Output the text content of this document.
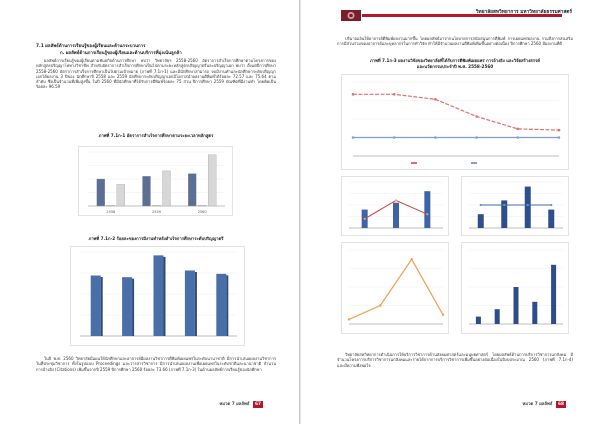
7.1 ผลลัพธ์ด้านการเรียนรู้ของผู้เรียนและด้านกระบวนการ
ก. ผลลัพธ์ด้านการเรียนรู้ของผู้เรียนและด้านบริการที่มุ่งเน้นลูกค้า
ผลลัพธ์การเรียนรู้ของผู้เรียนตามพันธกิจด้านการศึกษา พบว่า วิทยาลัยฯ 2558-2560 อัตราการสำเร็จการศึกษาตามโครงการของหลักสูตรปริญญาโททางวิชาชีพ สำหรับอัตราการสำเร็จการศึกษาเป็นไปตามระยะหลักสูตรปริญญาตรีและปริญญาเอก พบว่า ตั้งแต่ปีการศึกษา 2558-2560 อัตราการสำเร็จการศึกษาเป็นไปตามเป้าหมาย (ภาพที่ 7.1ก-1) และมีนักศึกษาสามารถ จบมีงานทำและนักศึกษาระดับปริญญาเอกได้ผลงาน 3 ปีของ นักศึกษาปี 2558 และ 2559 นักศึกษาระดับปริญญาเอกมีโอกาสนำผลงานตีพิมพ์ได้ร้อยละ 72.57 และ 75.64 ตามลำดับ ซึ่งเป็นจำนวนที่เพิ่มสูงขึ้น ในปี 2560 ที่มีนักศึกษาที่ได้รับการตีพิมพ์ร้อยละ 75 ส่วน ปีการศึกษา 2559 บัณฑิตที่มีงานทำ โดยคิดเป็นร้อยละ 96.59
ภาพที่ 7.1ก-1 อัตราการสำเร็จการศึกษาตามระยะเวลาหลักสูตร
2558	2559	2560
ภาพที่ 7.1ก-2 ร้อยละของการมีงานทำหลังสำเร็จการศึกษาระดับปริญญาตรี
ในปี พ.ศ. 2560 วิทยาลัยมีแผนให้นักศึกษาและอาจารย์มีผลงานวิชาการตีพิมพ์เผยแพร่ในระดับนานาชาติ มีการนำเสนอผลงานวิชาการในที่ประชุมวิชาการ ทั้งในรูปแบบ Proceedings และวารสารวิชาการ มีการนำเสนอผลงานเพื่อเผยแพร่ในระดับชาติและนานาชาติ จำนวนการอ้างอิง (Citations) เพิ่มขึ้นจากปี 2559 ปีการศึกษา 2560 ร้อยละ 73.66 (ภาพที่ 7.1ก-3) ในด้านผลลัพธ์การเรียนรู้ของนักศึกษา
หมวด 7 ผลลัพธ์ 67
วิทยาลัยสหวิทยาการ มหาวิทยาลัยธรรมศาสตร์
ปริมาณเงินให้อาจารย์ตีพิมพ์ผลงานมากขึ้น โดยผลลัพธ์มาจากนโยบายการสนับสนุนการตีพิมพ์ การเผยแพร่ผลงาน รวมถึงการส่งเสริมการมีส่วนร่วมของอาจารย์และบุคลากรในการทำวิจัย ทำให้มีจำนวนผลงานตีพิมพ์เพิ่มขึ้นอย่างต่อเนื่อง ปีการศึกษา 2560 มีผลงานที่ดี
ภาพที่ 7.1ก-3 ผลงานวิจัยของวิทยาลัยที่ได้รับการตีพิมพ์เผยแพร่ การอ้างอิง และวิจัยสร้างสรรค์
และนวัตกรรมประจำปี พ.ศ. 2558-2560
วิทยาลัยสหวิทยาการดำเนินการให้บริการวิชาการด้านสังคมศาสตร์และมนุษยศาสตร์ โดยผลลัพธ์ด้านการบริการวิชาการแก่สังคม มีจำนวนโครงการบริการวิชาการแก่สังคมและรายได้จากการบริการวิชาการเพิ่มขึ้นอย่างต่อเนื่องในปีงบประมาณ 2560 (ภาพที่ 7.1ก-4) และมีความพึงพอใจ
หมวด 7 ผลลัพธ์ 68
